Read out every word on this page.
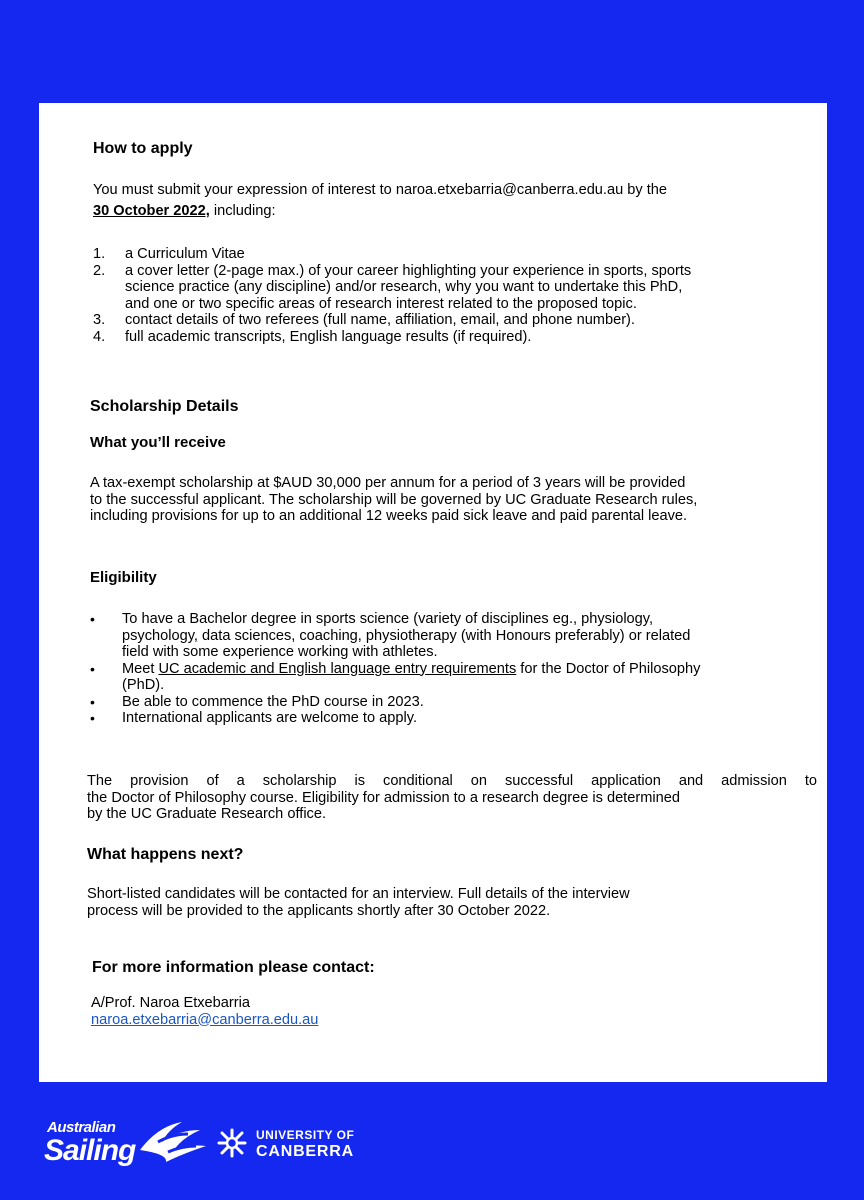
How to apply
You must submit your expression of interest to naroa.etxebarria@canberra.edu.au by the
30 October 2022, including:
1. a Curriculum Vitae
2. a cover letter (2-page max.) of your career highlighting your experience in sports, sports
science practice (any discipline) and/or research, why you want to undertake this PhD,
and one or two specific areas of research interest related to the proposed topic.
3. contact details of two referees (full name, affiliation, email, and phone number).
4. full academic transcripts, English language results (if required).
Scholarship Details
What you’ll receive
A tax-exempt scholarship at $AUD 30,000 per annum for a period of 3 years will be provided
to the successful applicant. The scholarship will be governed by UC Graduate Research rules,
including provisions for up to an additional 12 weeks paid sick leave and paid parental leave.
Eligibility
• To have a Bachelor degree in sports science (variety of disciplines eg., physiology,
psychology, data sciences, coaching, physiotherapy (with Honours preferably) or related
field with some experience working with athletes.
• Meet UC academic and English language entry requirements for the Doctor of Philosophy
(PhD).
• Be able to commence the PhD course in 2023.
• International applicants are welcome to apply.
The provision of a scholarship is conditional on successful application and admission to
the Doctor of Philosophy course. Eligibility for admission to a research degree is determined
by the UC Graduate Research office.
What happens next?
Short-listed candidates will be contacted for an interview. Full details of the interview
process will be provided to the applicants shortly after 30 October 2022.
For more information please contact:
A/Prof. Naroa Etxebarria
naroa.etxebarria@canberra.edu.au
Australian
Sailing	UNIVERSITY OF
CANBERRA
